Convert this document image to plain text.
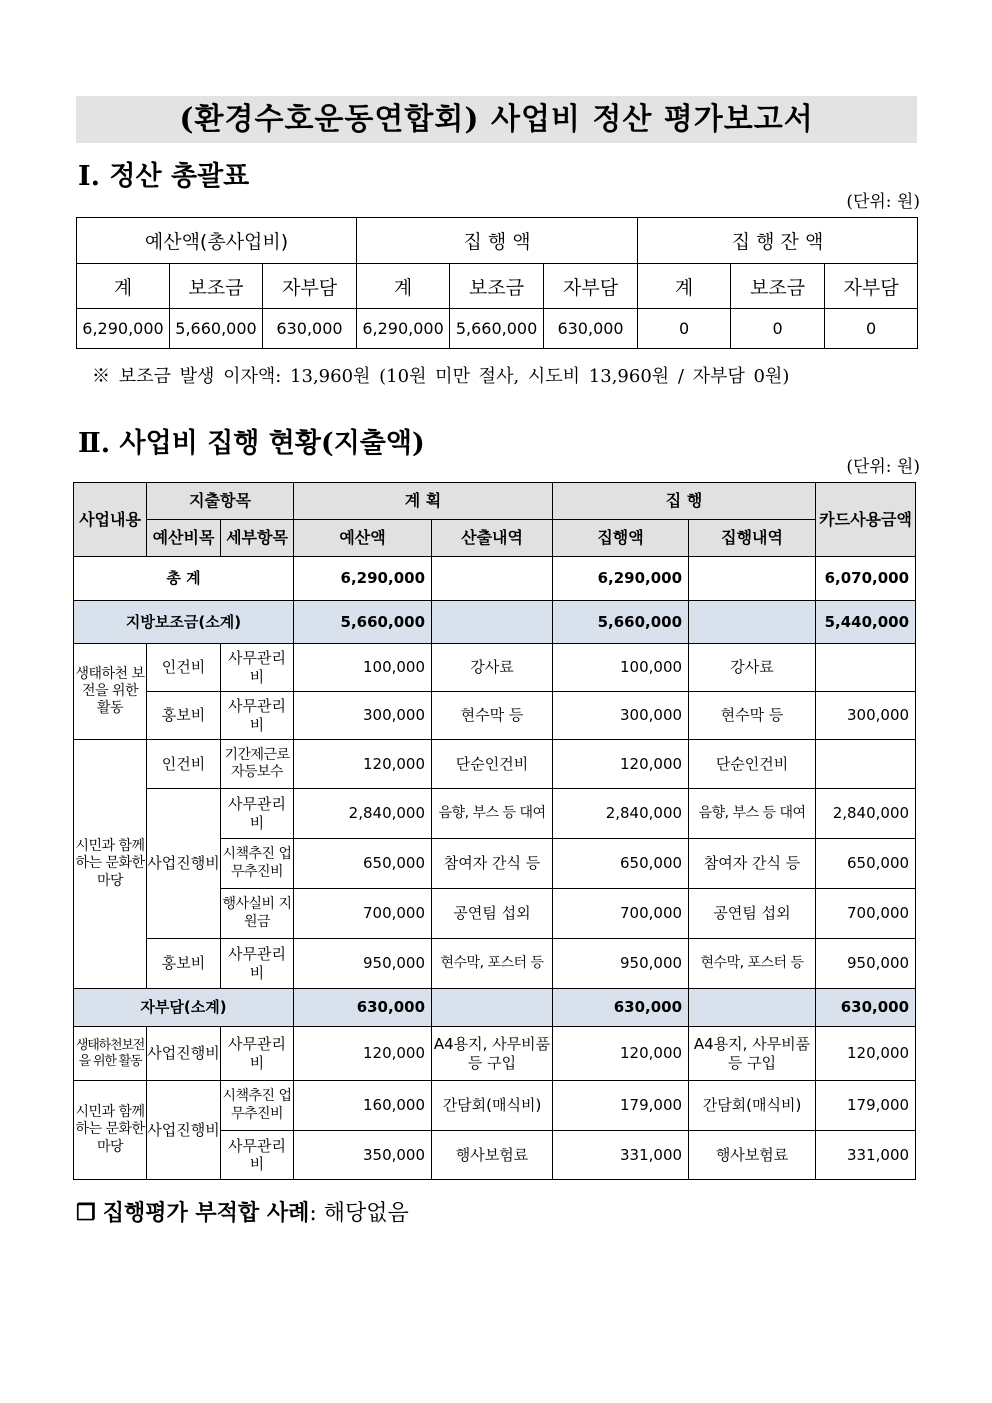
(환경수호운동연합회) 사업비 정산 평가보고서
Ⅰ. 정산 총괄표
(단위: 원)
예산액(총사업비)			집 행 액			집 행 잔 액		
계	보조금	자부담	계	보조금	자부담	계	보조금	자부담
6,290,000	5,660,000	630,000	6,290,000	5,660,000	630,000	0	0	0
※ 보조금 발생 이자액: 13,960원 (10원 미만 절사, 시도비 13,960원 / 자부담 0원)
Ⅱ. 사업비 집행 현황(지출액)
(단위: 원)
사업내용	지출항목		계 획		집 행		카드사용금액
	예산비목	세부항목	예산액	산출내역	집행액	집행내역	
총 계			6,290,000		6,290,000		6,070,000
지방보조금(소계)			5,660,000		5,660,000		5,440,000
생태하천 보전을 위한 활동	인건비	사무관리비	100,000	강사료	100,000	강사료	
	홍보비	사무관리비	300,000	현수막 등	300,000	현수막 등	300,000
시민과 함께하는 문화한마당	인건비	기간제근로 자등보수	120,000	단순인건비	120,000	단순인건비	
	사업진행비	사무관리비	2,840,000	음향, 부스 등 대여	2,840,000	음향, 부스 등 대여	2,840,000
		시책추진 업무추진비	650,000	참여자 간식 등	650,000	참여자 간식 등	650,000
		행사실비 지원금	700,000	공연팀 섭외	700,000	공연팀 섭외	700,000
	홍보비	사무관리비	950,000	현수막, 포스터 등	950,000	현수막, 포스터 등	950,000
자부담(소계)			630,000		630,000		630,000
생태하천보전을 위한 활동	사업진행비	사무관리비	120,000	A4용지, 사무비품 등 구입	120,000	A4용지, 사무비품 등 구입	120,000
시민과 함께하는 문화한마당	사업진행비	시책추진 업무추진비	160,000	간담회(매식비)	179,000	간담회(매식비)	179,000
		사무관리비	350,000	행사보험료	331,000	행사보험료	331,000
❒ 집행평가 부적합 사례: 해당없음
